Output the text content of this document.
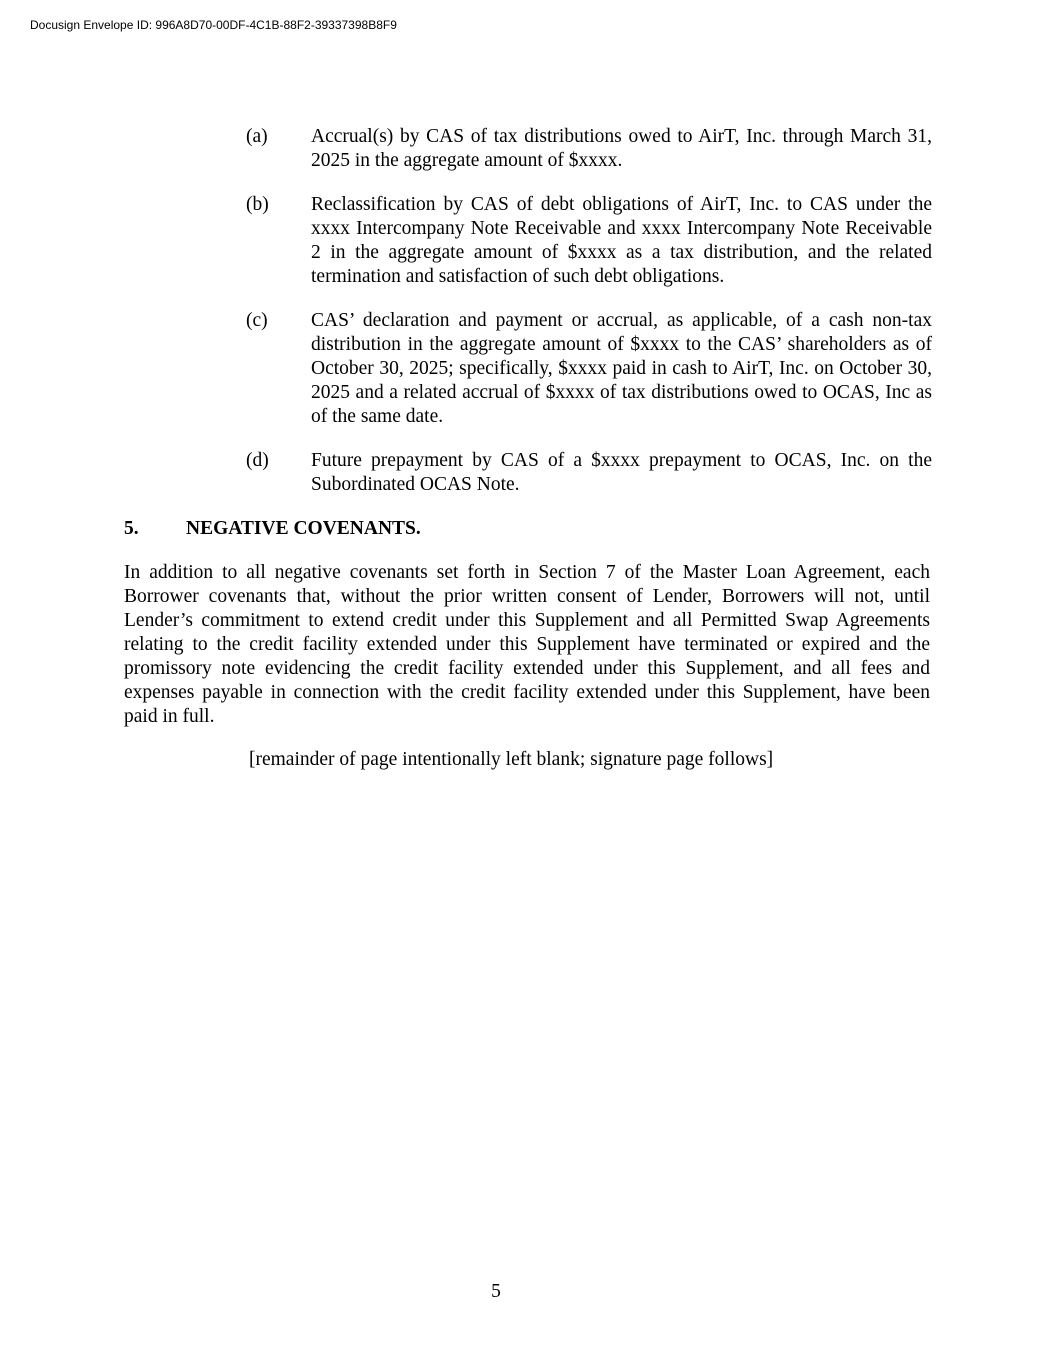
Docusign Envelope ID: 996A8D70-00DF-4C1B-88F2-39337398B8F9
(a)	Accrual(s) by CAS of tax distributions owed to AirT, Inc. through March 31, 2025 in the aggregate amount of $xxxx.
(b)	Reclassification by CAS of debt obligations of AirT, Inc. to CAS under the xxxx Intercompany Note Receivable and xxxx Intercompany Note Receivable 2 in the aggregate amount of $xxxx as a tax distribution, and the related termination and satisfaction of such debt obligations.
(c)	CAS’ declaration and payment or accrual, as applicable, of a cash non-tax distribution in the aggregate amount of $xxxx to the CAS’ shareholders as of October 30, 2025; specifically, $xxxx paid in cash to AirT, Inc. on October 30, 2025 and a related accrual of $xxxx of tax distributions owed to OCAS, Inc as of the same date.
(d)	Future prepayment by CAS of a $xxxx prepayment to OCAS, Inc. on the Subordinated OCAS Note.
5. NEGATIVE COVENANTS.
In addition to all negative covenants set forth in Section 7 of the Master Loan Agreement, each Borrower covenants that, without the prior written consent of Lender, Borrowers will not, until Lender’s commitment to extend credit under this Supplement and all Permitted Swap Agreements relating to the credit facility extended under this Supplement have terminated or expired and the promissory note evidencing the credit facility extended under this Supplement, and all fees and expenses payable in connection with the credit facility extended under this Supplement, have been paid in full.
[remainder of page intentionally left blank; signature page follows]
5
